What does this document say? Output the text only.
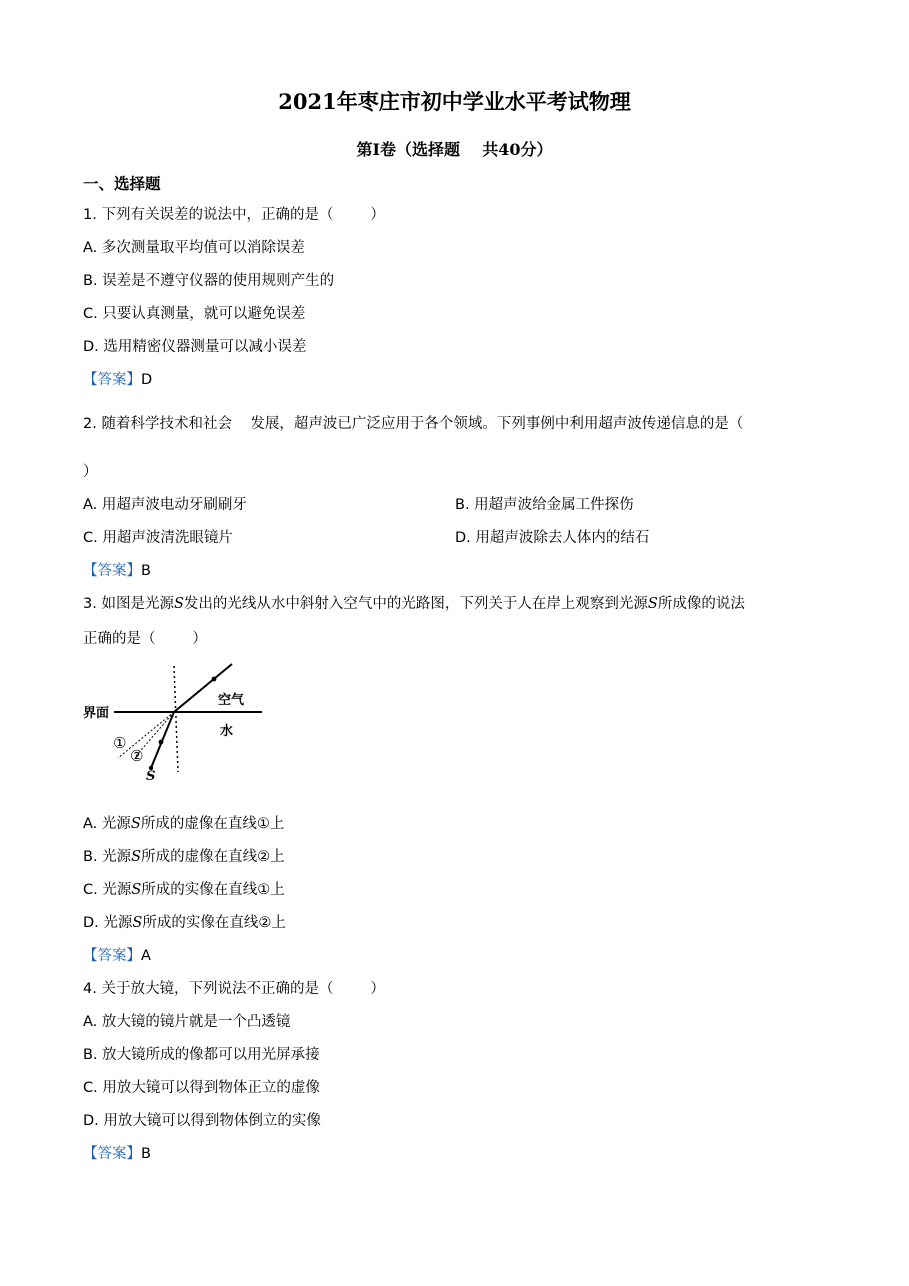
2021年枣庄市初中学业水平考试物理
第Ⅰ卷（选择题    共40分）
一、选择题
1. 下列有关误差的说法中，正确的是（        ）
A. 多次测量取平均值可以消除误差
B. 误差是不遵守仪器的使用规则产生的
C. 只要认真测量，就可以避免误差
D. 选用精密仪器测量可以减小误差
【答案】D
2. 随着科学技术和社会    发展，超声波已广泛应用于各个领域。下列事例中利用超声波传递信息的是（
）
A. 用超声波电动牙刷刷牙	B. 用超声波给金属工件探伤
C. 用超声波清洗眼镜片	D. 用超声波除去人体内的结石
【答案】B
3. 如图是光源S发出的光线从水中斜射入空气中的光路图，下列关于人在岸上观察到光源S所成像的说法
正确的是（        ）
界面
空气
水
①
②
S
A. 光源S所成的虚像在直线①上
B. 光源S所成的虚像在直线②上
C. 光源S所成的实像在直线①上
D. 光源S所成的实像在直线②上
【答案】A
4. 关于放大镜，下列说法不正确的是（        ）
A. 放大镜的镜片就是一个凸透镜
B. 放大镜所成的像都可以用光屏承接
C. 用放大镜可以得到物体正立的虚像
D. 用放大镜可以得到物体倒立的实像
【答案】B
